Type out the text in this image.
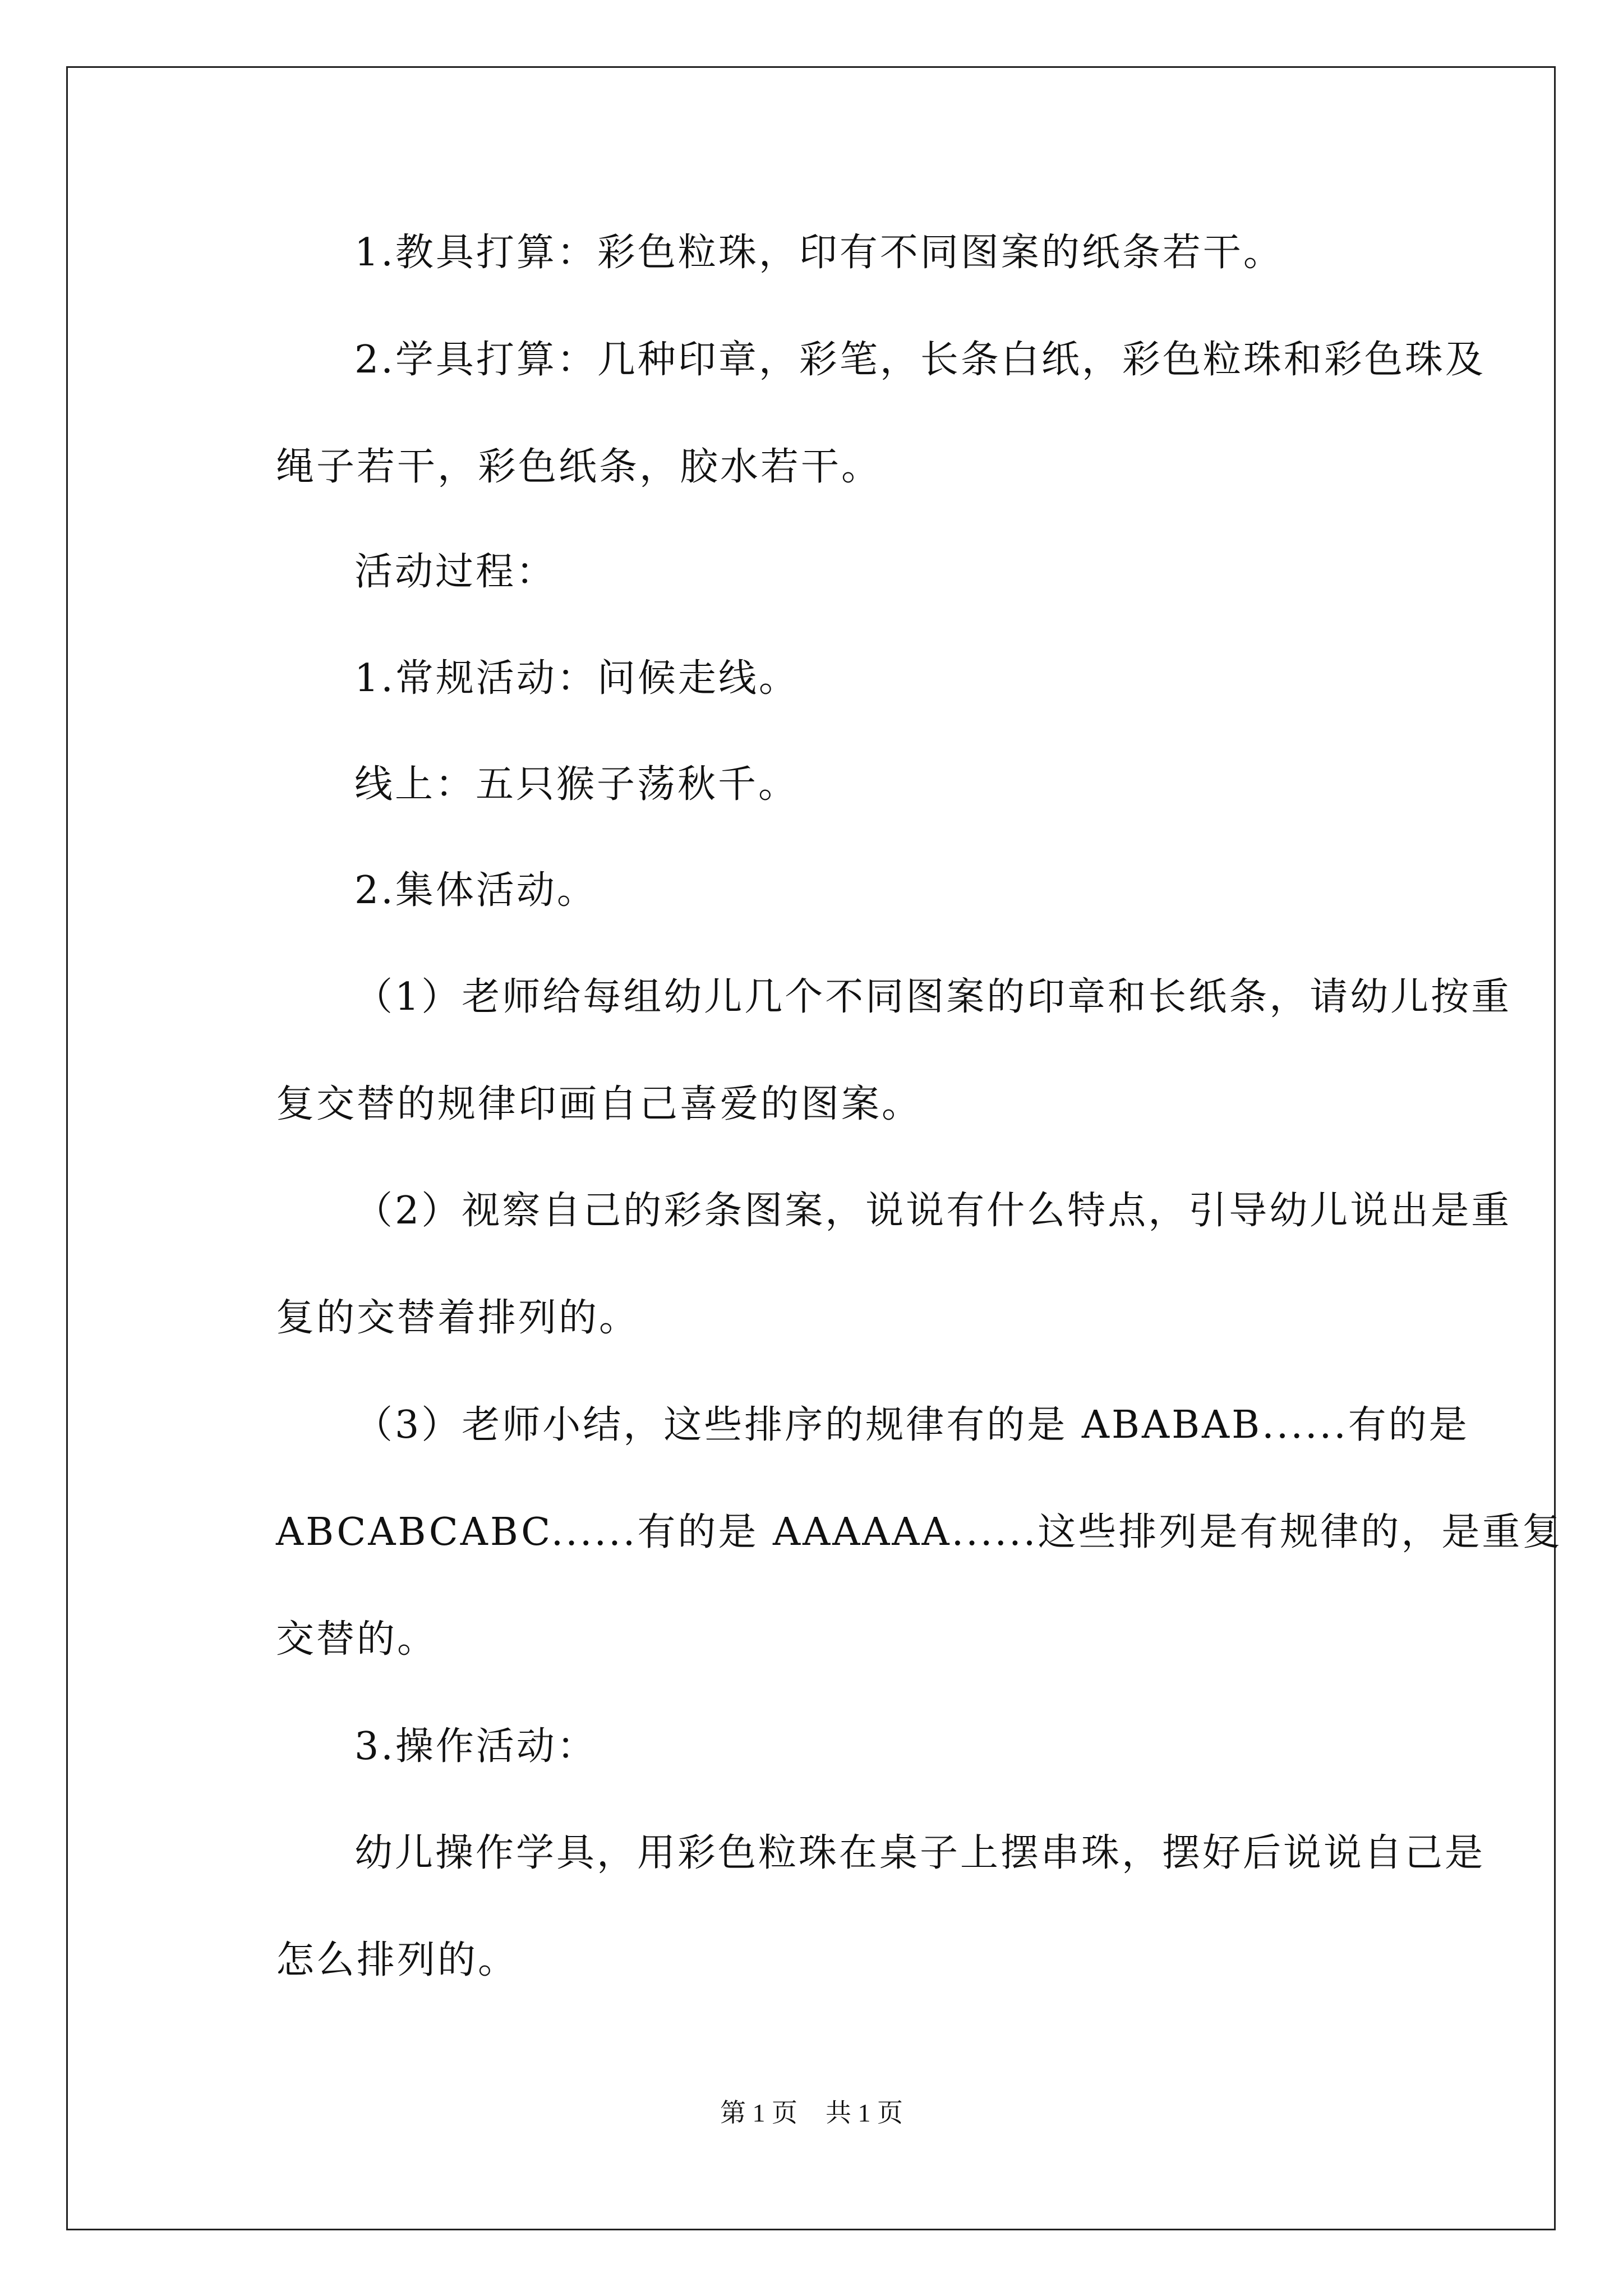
1.教具打算：彩色粒珠，印有不同图案的纸条若干。
2.学具打算：几种印章，彩笔，长条白纸，彩色粒珠和彩色珠及
绳子若干，彩色纸条，胶水若干。
活动过程：
1.常规活动：问候走线。
线上：五只猴子荡秋千。
2.集体活动。
（1）老师给每组幼儿几个不同图案的印章和长纸条，请幼儿按重
复交替的规律印画自己喜爱的图案。
（2）视察自己的彩条图案，说说有什么特点，引导幼儿说出是重
复的交替着排列的。
（3）老师小结，这些排序的规律有的是 ABABAB......有的是
ABCABCABC......有的是 AAAAAA......这些排列是有规律的，是重复
交替的。
3.操作活动：
幼儿操作学具，用彩色粒珠在桌子上摆串珠，摆好后说说自己是
怎么排列的。
第 1 页 共 1 页
